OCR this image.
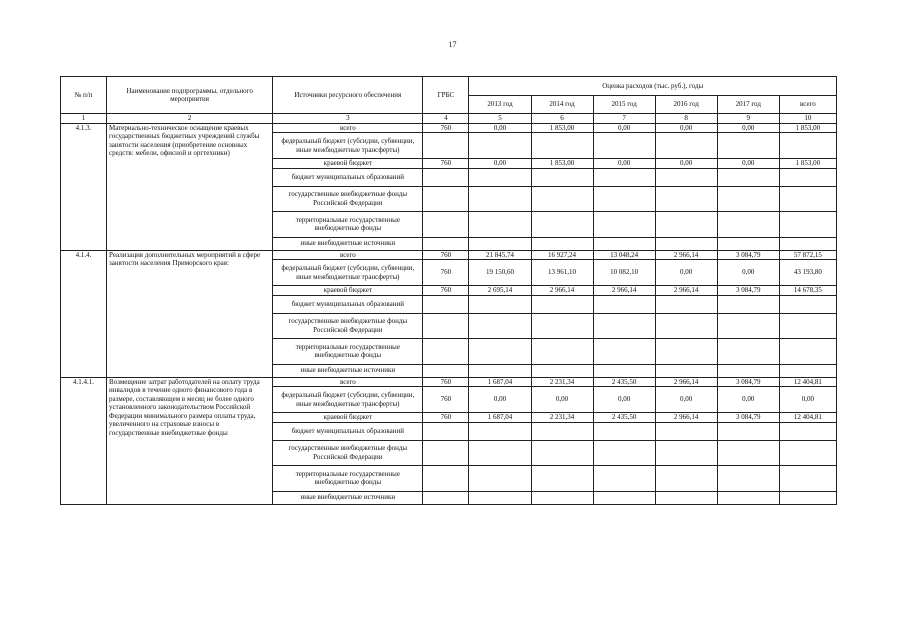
17
№ п/п	Наименование подпрограммы, отдельного мероприятия	Источники ресурсного обеспечения	ГРБС	Оценка расходов (тыс. руб.), годы					
				2013 год	2014 год	2015 год	2016 год	2017 год	всего
1	2	3	4	5	6	7	8	9	10
4.1.3.	Материально-техническое оснащение краевых государственных бюджетных учреждений службы занятости населения (приобретение основных средств: мебели, офисной и оргтехники)	всего	760	0,00	1 853,00	0,00	0,00	0,00	1 853,00
		федеральный бюджет (субсидии, субвенции, иные межбюджетные трансферты)							
		краевой бюджет	760	0,00	1 853,00	0,00	0,00	0,00	1 853,00
		бюджет муниципальных образований							
		государственные внебюджетные фонды Российской Федерации							
		территориальные государственные внебюджетные фонды							
		иные внебюджетные источники							
4.1.4.	Реализация дополнительных мероприятий в сфере занятости населения Приморского края:	всего	760	21 845,74	16 927,24	13 048,24	2 966,14	3 084,79	57 872,15
		федеральный бюджет (субсидии, субвенции, иные межбюджетные трансферты)	760	19 150,60	13 961,10	10 082,10	0,00	0,00	43 193,80
		краевой бюджет	760	2 695,14	2 966,14	2 966,14	2 966,14	3 084,79	14 678,35
		бюджет муниципальных образований							
		государственные внебюджетные фонды Российской Федерации							
		территориальные государственные внебюджетные фонды							
		иные внебюджетные источники							
4.1.4.1.	Возмещение затрат работодателей на оплату труда инвалидов в течение одного финансового года в размере, составляющем в месяц не более одного установленного законодательством Российской Федерации минимального размера оплаты труда, увеличенного на страховые взносы в государственные внебюджетные фонды	всего	760	1 687,04	2 231,34	2 435,50	2 966,14	3 084,79	12 404,81
		федеральный бюджет (субсидии, субвенции, иные межбюджетные трансферты)	760	0,00	0,00	0,00	0,00	0,00	0,00
		краевой бюджет	760	1 687,04	2 231,34	2 435,50	2 966,14	3 084,79	12 404,81
		бюджет муниципальных образований							
		государственные внебюджетные фонды Российской Федерации							
		территориальные государственные внебюджетные фонды							
		иные внебюджетные источники							
